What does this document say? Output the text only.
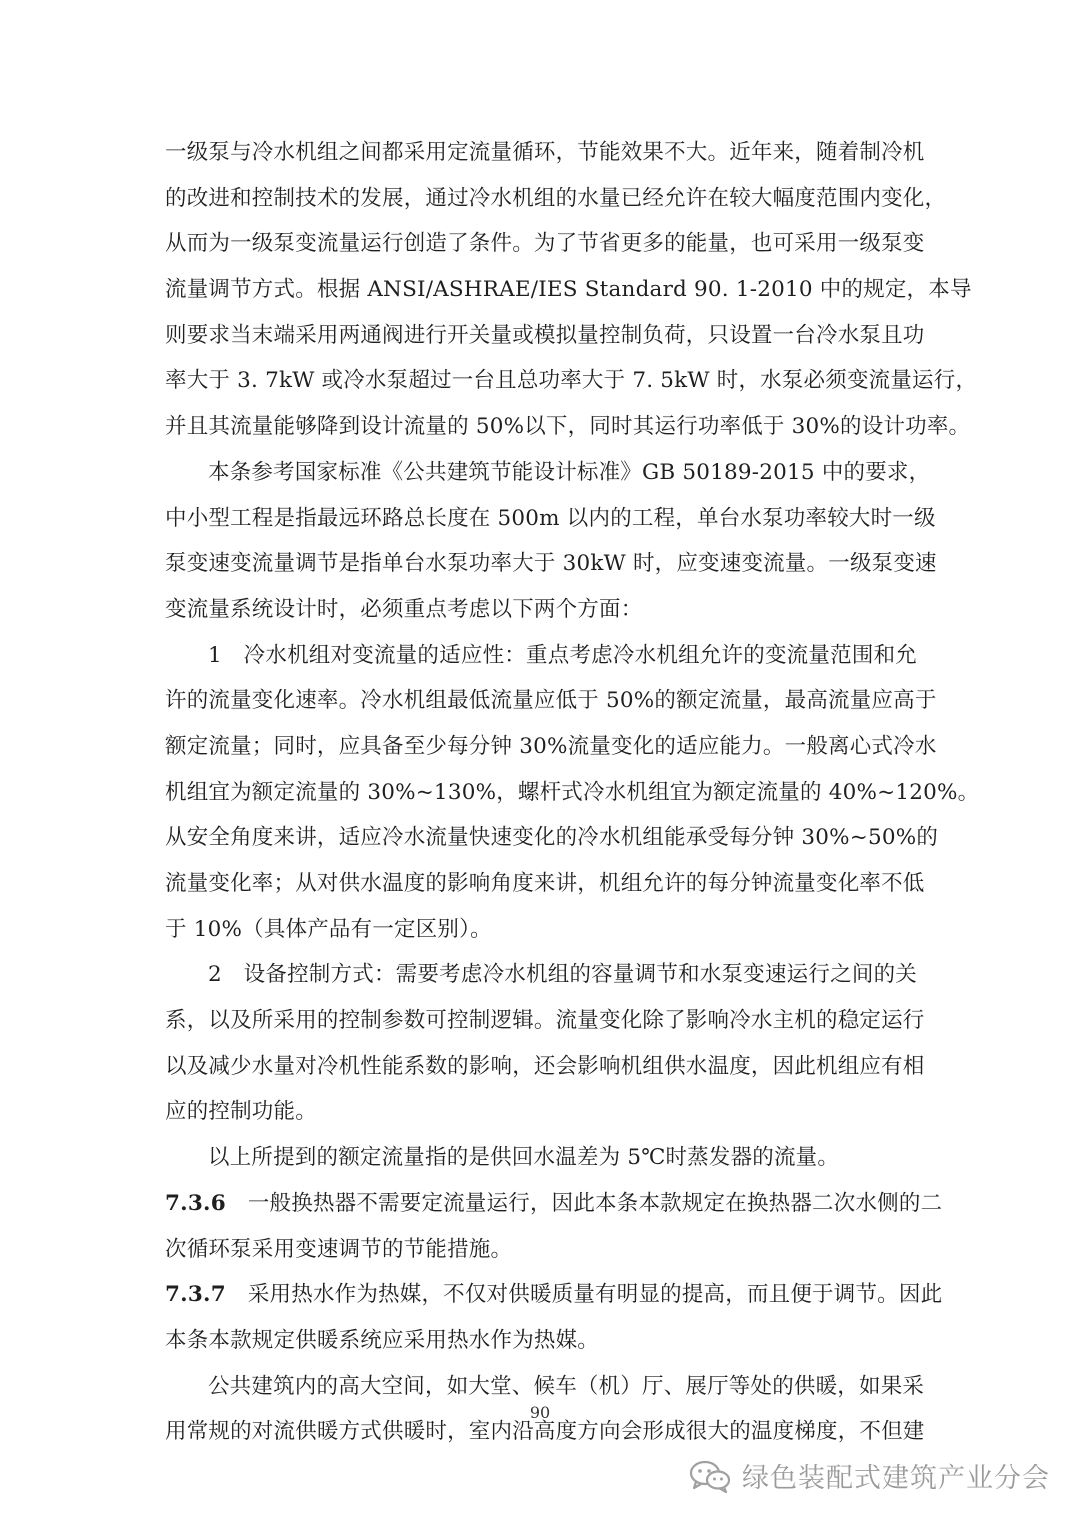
一级泵与冷水机组之间都采用定流量循环，节能效果不大。近年来，随着制冷机
的改进和控制技术的发展，通过冷水机组的水量已经允许在较大幅度范围内变化，
从而为一级泵变流量运行创造了条件。为了节省更多的能量，也可采用一级泵变
流量调节方式。根据 ANSI/ASHRAE/IES Standard 90. 1-2010 中的规定，本导
则要求当末端采用两通阀进行开关量或模拟量控制负荷，只设置一台冷水泵且功
率大于 3. 7kW 或冷水泵超过一台且总功率大于 7. 5kW 时，水泵必须变流量运行，
并且其流量能够降到设计流量的 50%以下，同时其运行功率低于 30%的设计功率。
本条参考国家标准《公共建筑节能设计标准》GB 50189-2015 中的要求，
中小型工程是指最远环路总长度在 500m 以内的工程，单台水泵功率较大时一级
泵变速变流量调节是指单台水泵功率大于 30kW 时，应变速变流量。一级泵变速
变流量系统设计时，必须重点考虑以下两个方面：
1　冷水机组对变流量的适应性：重点考虑冷水机组允许的变流量范围和允
许的流量变化速率。冷水机组最低流量应低于 50%的额定流量，最高流量应高于
额定流量；同时，应具备至少每分钟 30%流量变化的适应能力。一般离心式冷水
机组宜为额定流量的 30%~130%，螺杆式冷水机组宜为额定流量的 40%~120%。
从安全角度来讲，适应冷水流量快速变化的冷水机组能承受每分钟 30%~50%的
流量变化率；从对供水温度的影响角度来讲，机组允许的每分钟流量变化率不低
于 10%（具体产品有一定区别）。
2　设备控制方式：需要考虑冷水机组的容量调节和水泵变速运行之间的关
系，以及所采用的控制参数可控制逻辑。流量变化除了影响冷水主机的稳定运行
以及减少水量对冷机性能系数的影响，还会影响机组供水温度，因此机组应有相
应的控制功能。
以上所提到的额定流量指的是供回水温差为 5℃时蒸发器的流量。
7.3.6 一般换热器不需要定流量运行，因此本条本款规定在换热器二次水侧的二
次循环泵采用变速调节的节能措施。
7.3.7 采用热水作为热媒，不仅对供暖质量有明显的提高，而且便于调节。因此
本条本款规定供暖系统应采用热水作为热媒。
公共建筑内的高大空间，如大堂、候车（机）厅、展厅等处的供暖，如果采
用常规的对流供暖方式供暖时，室内沿高度方向会形成很大的温度梯度，不但建
90
绿色装配式建筑产业分会
